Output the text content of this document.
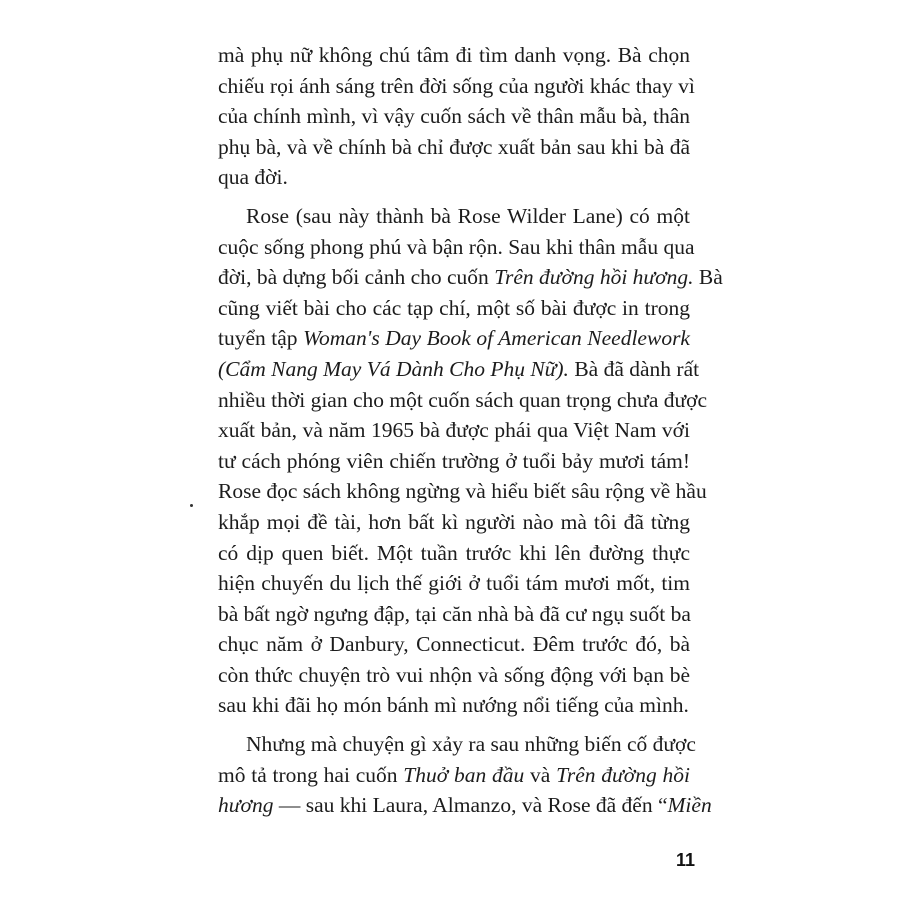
mà phụ nữ không chú tâm đi tìm danh vọng. Bà chọn
chiếu rọi ánh sáng trên đời sống của người khác thay vì
của chính mình, vì vậy cuốn sách về thân mẫu bà, thân
phụ bà, và về chính bà chỉ được xuất bản sau khi bà đã
qua đời.

Rose (sau này thành bà Rose Wilder Lane) có một
cuộc sống phong phú và bận rộn. Sau khi thân mẫu qua
đời, bà dựng bối cảnh cho cuốn Trên đường hồi hương. Bà
cũng viết bài cho các tạp chí, một số bài được in trong
tuyển tập Woman's Day Book of American Needlework
(Cẩm Nang May Vá Dành Cho Phụ Nữ). Bà đã dành rất
nhiều thời gian cho một cuốn sách quan trọng chưa được
xuất bản, và năm 1965 bà được phái qua Việt Nam với
tư cách phóng viên chiến trường ở tuổi bảy mươi tám!
Rose đọc sách không ngừng và hiểu biết sâu rộng về hầu
khắp mọi đề tài, hơn bất kì người nào mà tôi đã từng
có dịp quen biết. Một tuần trước khi lên đường thực
hiện chuyến du lịch thế giới ở tuổi tám mươi mốt, tim
bà bất ngờ ngưng đập, tại căn nhà bà đã cư ngụ suốt ba
chục năm ở Danbury, Connecticut. Đêm trước đó, bà
còn thức chuyện trò vui nhộn và sống động với bạn bè
sau khi đãi họ món bánh mì nướng nổi tiếng của mình.

Nhưng mà chuyện gì xảy ra sau những biến cố được
mô tả trong hai cuốn Thuở ban đầu và Trên đường hồi
hương — sau khi Laura, Almanzo, và Rose đã đến “Miền

11
